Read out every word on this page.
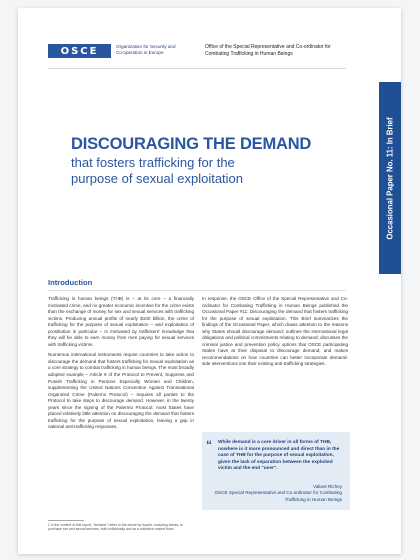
OSCE	Organization for Security and Co-operation in Europe
Office of the Special Representative and Co-ordinator for Combating Trafficking in Human Beings
Occasional Paper No. 11: In Brief
DISCOURAGING THE DEMAND
that fosters trafficking for the
purpose of sexual exploitation
Introduction

Trafficking in human beings (THB) is – at its core – a financially motivated crime, and no greater economic incentive for the crime exists than the exchange of money for sex and sexual services with trafficking victims. Producing annual profits of nearly $100 billion, the crime of trafficking for the purpose of sexual exploitation – and exploitation of prostitution in particular – is motivated by traffickers' knowledge that they will be able to earn money from men paying for sexual services with trafficking victims.

Numerous international instruments require countries to take action to discourage the demand that fosters trafficking for sexual exploitation as a core strategy to combat trafficking in human beings. The most broadly adopted example – Article 9 of the Protocol to Prevent, Suppress and Punish Trafficking in Persons Especially Women and Children, supplementing the United Nations Convention Against Transnational Organized Crime (Palermo Protocol) – requires all parties to the Protocol to take steps to discourage demand. However, in the twenty years since the signing of the Palermo Protocol, most States have placed relatively little attention on discouraging the demand that fosters trafficking for the purpose of sexual exploitation, leaving a gap in national anti-trafficking responses.

In response, the OSCE Office of the Special Representative and Co-ordinator for Combating Trafficking in Human Beings published the Occasional Paper #11: Discouraging the demand that fosters trafficking for the purpose of sexual exploitation. This Brief summarizes the findings of the Occasional Paper, which draws attention to the reasons why States should discourage demand; outlines the international legal obligations and political commitments relating to demand; discusses the criminal justice and prevention policy options that OSCE participating States have at their disposal to discourage demand; and makes recommendations on how countries can better incorporate demand-side interventions into their existing anti-trafficking strategies.

“ While demand is a core driver in all forms of THB, nowhere is it more pronounced and direct than in the case of THB for the purpose of sexual exploitation, given the lack of separation between the exploited victim and the end "user".
Valiant Richey
OSCE Special Representative and Co-ordinator for Combating Trafficking in Human Beings
1 In the context of this report, "demand" refers to the desire by buyers, including clients, to purchase sex and sexual services, both individually and as a collective market force.
